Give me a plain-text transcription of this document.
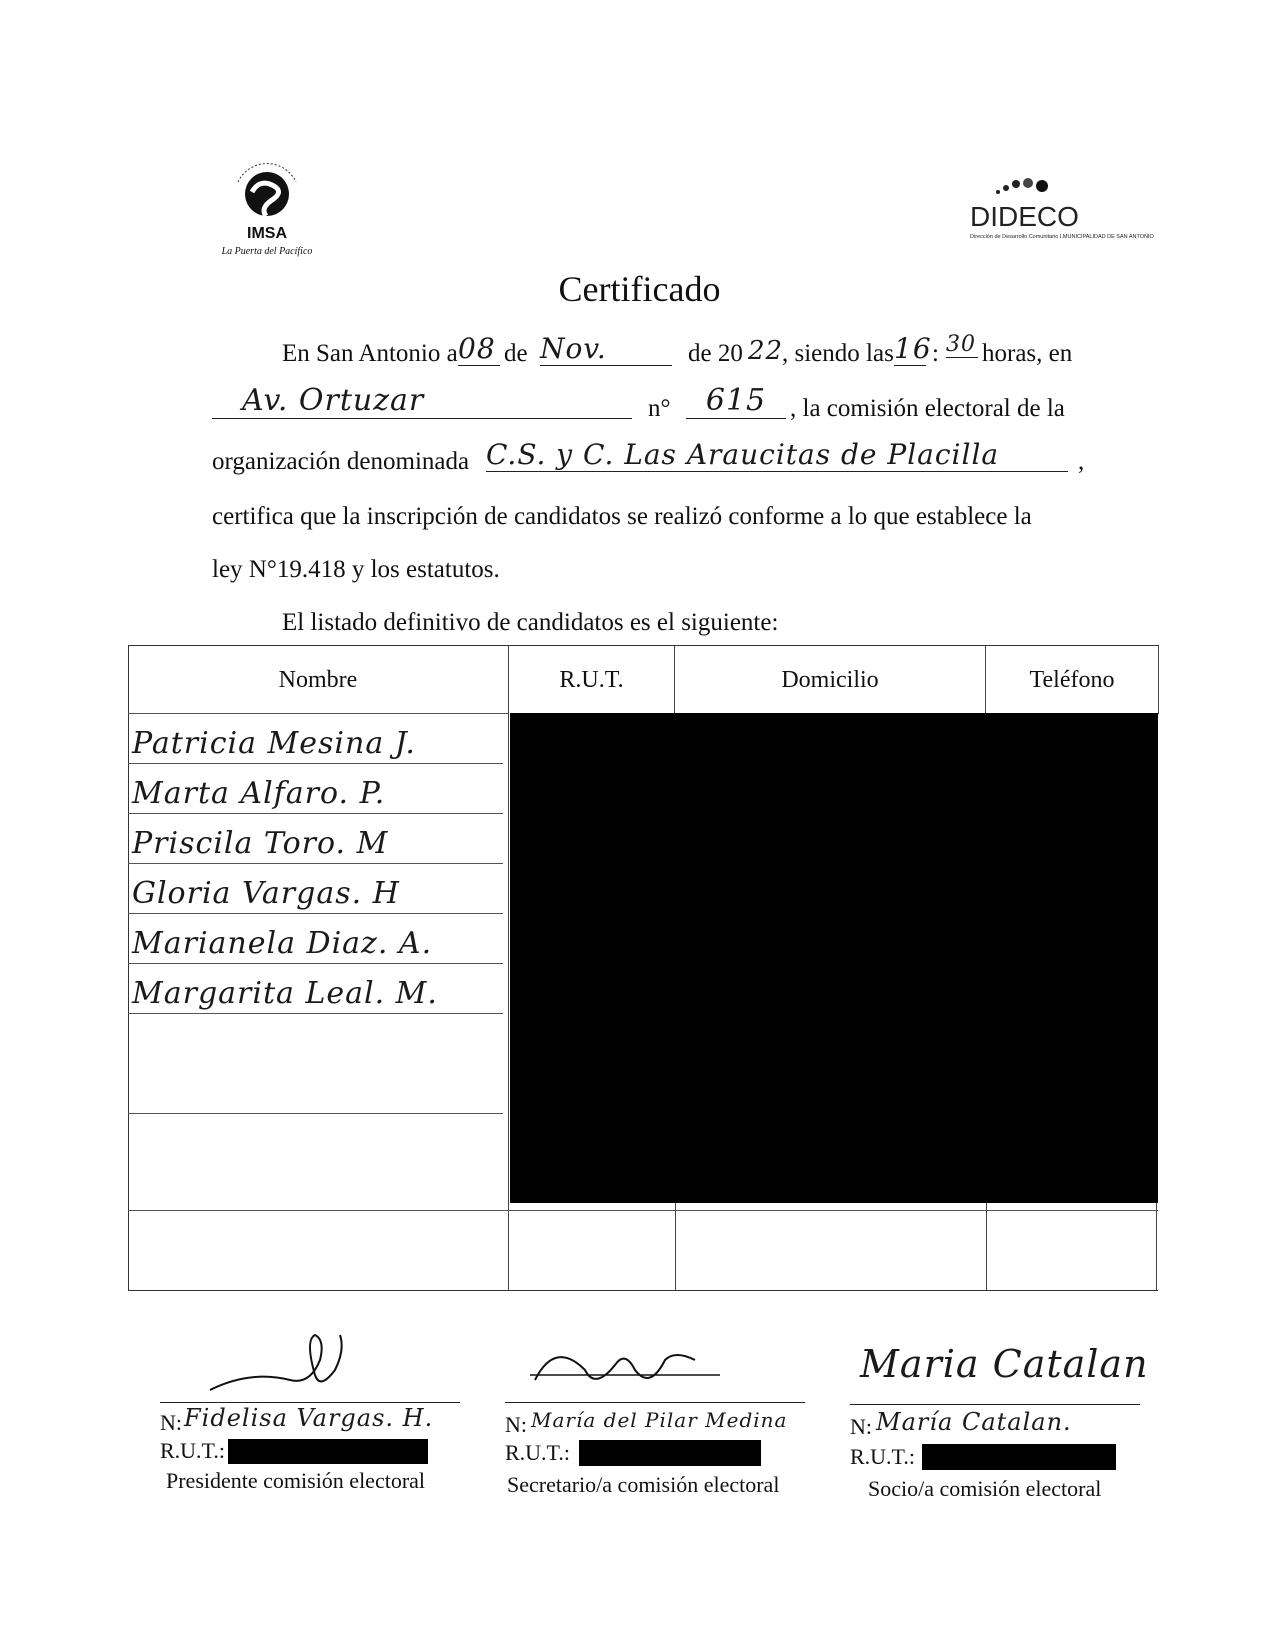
IMSA
La Puerta del Pacífico
DIDECO
Dirección de Desarrollo Comunitario I.MUNICIPALIDAD DE SAN ANTONIO
Certificado
En San Antonio a 08 de Nov.	de 20 22
, siendo las 16 : 30 horas, en
Av. Ortuzar	n°	615 , la comisión electoral de la
organización denominada C.S. y C. Las Araucitas de Placilla	,
certifica que la inscripción de candidatos se realizó conforme a lo que establece la
ley N°19.418 y los estatutos.
El listado definitivo de candidatos es el siguiente:
Nombre	R.U.T.	Domicilio	Teléfono
Patricia Mesina J.
Marta Alfaro. P.
Priscila Toro. M
Gloria Vargas. H
Marianela Diaz. A.
Margarita Leal. M.
N: Fidelisa Vargas. H.
R.U.T.:
Presidente comisión electoral
N: María del Pilar Medina
R.U.T.:
Secretario/a comisión electoral
Maria Catalan
N: María Catalan.
R.U.T.:
Socio/a comisión electoral
